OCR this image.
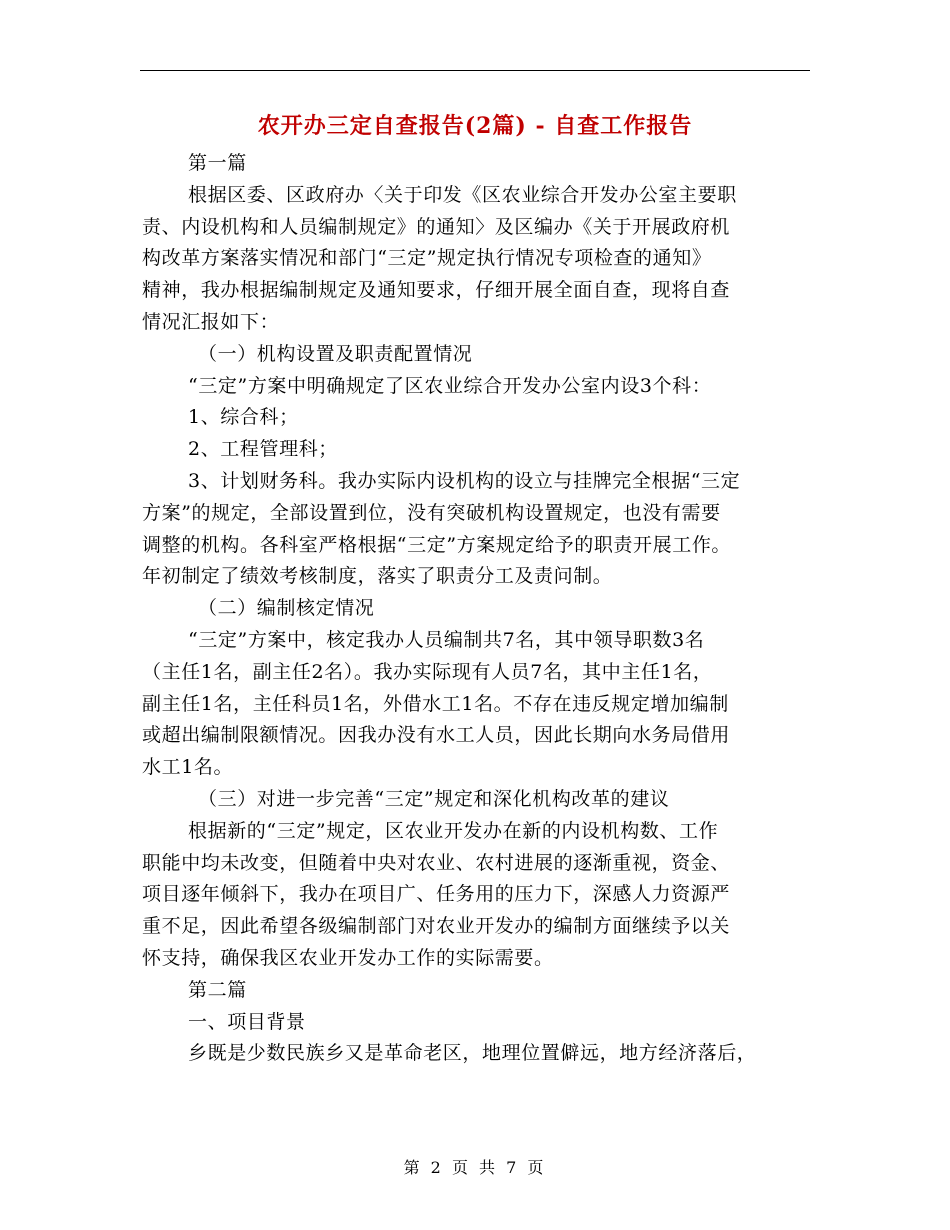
农开办三定自查报告(2篇) - 自查工作报告
第一篇
根据区委、区政府办〈关于印发《区农业综合开发办公室主要职
责、内设机构和人员编制规定》的通知〉及区编办《关于开展政府机
构改革方案落实情况和部门“三定”规定执行情况专项检查的通知》
精神，我办根据编制规定及通知要求，仔细开展全面自查，现将自查
情况汇报如下：
（一）机构设置及职责配置情况
“三定”方案中明确规定了区农业综合开发办公室内设3个科：
1、综合科；
2、工程管理科；
3、计划财务科。我办实际内设机构的设立与挂牌完全根据“三定
方案”的规定，全部设置到位，没有突破机构设置规定，也没有需要
调整的机构。各科室严格根据“三定”方案规定给予的职责开展工作。
年初制定了绩效考核制度，落实了职责分工及责问制。
（二）编制核定情况
“三定”方案中，核定我办人员编制共7名，其中领导职数3名
（主任1名，副主任2名）。我办实际现有人员7名，其中主任1名，
副主任1名，主任科员1名，外借水工1名。不存在违反规定增加编制
或超出编制限额情况。因我办没有水工人员，因此长期向水务局借用
水工1名。
（三）对进一步完善“三定”规定和深化机构改革的建议
根据新的“三定”规定，区农业开发办在新的内设机构数、工作
职能中均未改变，但随着中央对农业、农村进展的逐渐重视，资金、
项目逐年倾斜下，我办在项目广、任务用的压力下，深感人力资源严
重不足，因此希望各级编制部门对农业开发办的编制方面继续予以关
怀支持，确保我区农业开发办工作的实际需要。
第二篇
一、项目背景
乡既是少数民族乡又是革命老区，地理位置僻远，地方经济落后，
第 2 页 共 7 页
